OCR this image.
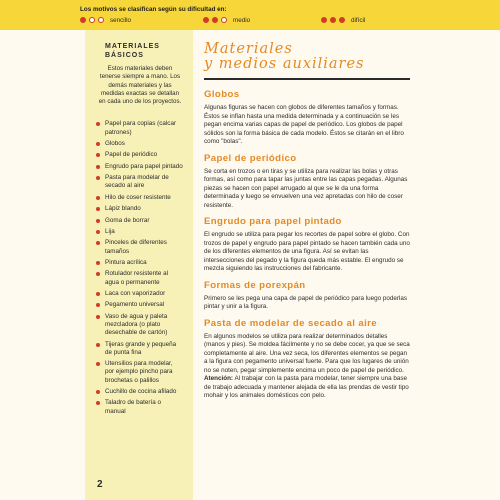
Los motivos se clasifican según su dificultad en:
sencillo	medio	difícil
MATERIALES
BÁSICOS
Estos materiales deben tenerse siempre a mano. Los demás materiales y las medidas exactas se detallan en cada uno de los proyectos.
Papel para copias (calcar patrones)
Globos
Papel de periódico
Engrudo para papel pintado
Pasta para modelar de secado al aire
Hilo de coser resistente
Lápiz blando
Goma de borrar
Lija
Pinceles de diferentes tamaños
Pintura acrílica
Rotulador resistente al agua o permanente
Laca con vaporizador
Pegamento universal
Vaso de agua y paleta mezcladora (o plato desechable de cartón)
Tijeras grande y pequeña de punta fina
Utensilios para modelar, por ejemplo pincho para brochetas o palillos
Cuchillo de cocina afilado
Taladro de batería o manual
2
Materiales
y medios auxiliares
Globos

Algunas figuras se hacen con globos de diferentes tamaños y formas. Éstos se inflan hasta una medida determinada y a continuación se les pegan encima varias capas de papel de periódico. Los globos de papel sólidos son la forma básica de cada modelo. Éstos se citarán en el libro como "bolas".

Papel de periódico

Se corta en trozos o en tiras y se utiliza para realizar las bolas y otras formas, así como para tapar las juntas entre las capas pegadas. Algunas piezas se hacen con papel arrugado al que se le da una forma determinada y luego se envuelven una vez apretadas con hilo de coser resistente.

Engrudo para papel pintado

El engrudo se utiliza para pegar los recortes de papel sobre el globo. Con trozos de papel y engrudo para papel pintado se hacen también cada uno de los diferentes elementos de una figura. Así se evitan las intersecciones del pegado y la figura queda más estable. El engrudo se mezcla siguiendo las instrucciones del fabricante.

Formas de porexpán

Primero se les pega una capa de papel de periódico para luego poderlas pintar y unir a la figura.

Pasta de modelar de secado al aire

En algunos modelos se utiliza para realizar determinados detalles (manos y pies). Se moldea fácilmente y no se debe cocer, ya que se seca completamente al aire. Una vez seca, los diferentes elementos se pegan a la figura con pegamento universal fuerte. Para que los lugares de unión no se noten, pegar simplemente encima un poco de papel de periódico. Atención: Al trabajar con la pasta para modelar, tener siempre una base de trabajo adecuada y mantener alejada de ella las prendas de vestir tipo mohair y los animales domésticos con pelo.
